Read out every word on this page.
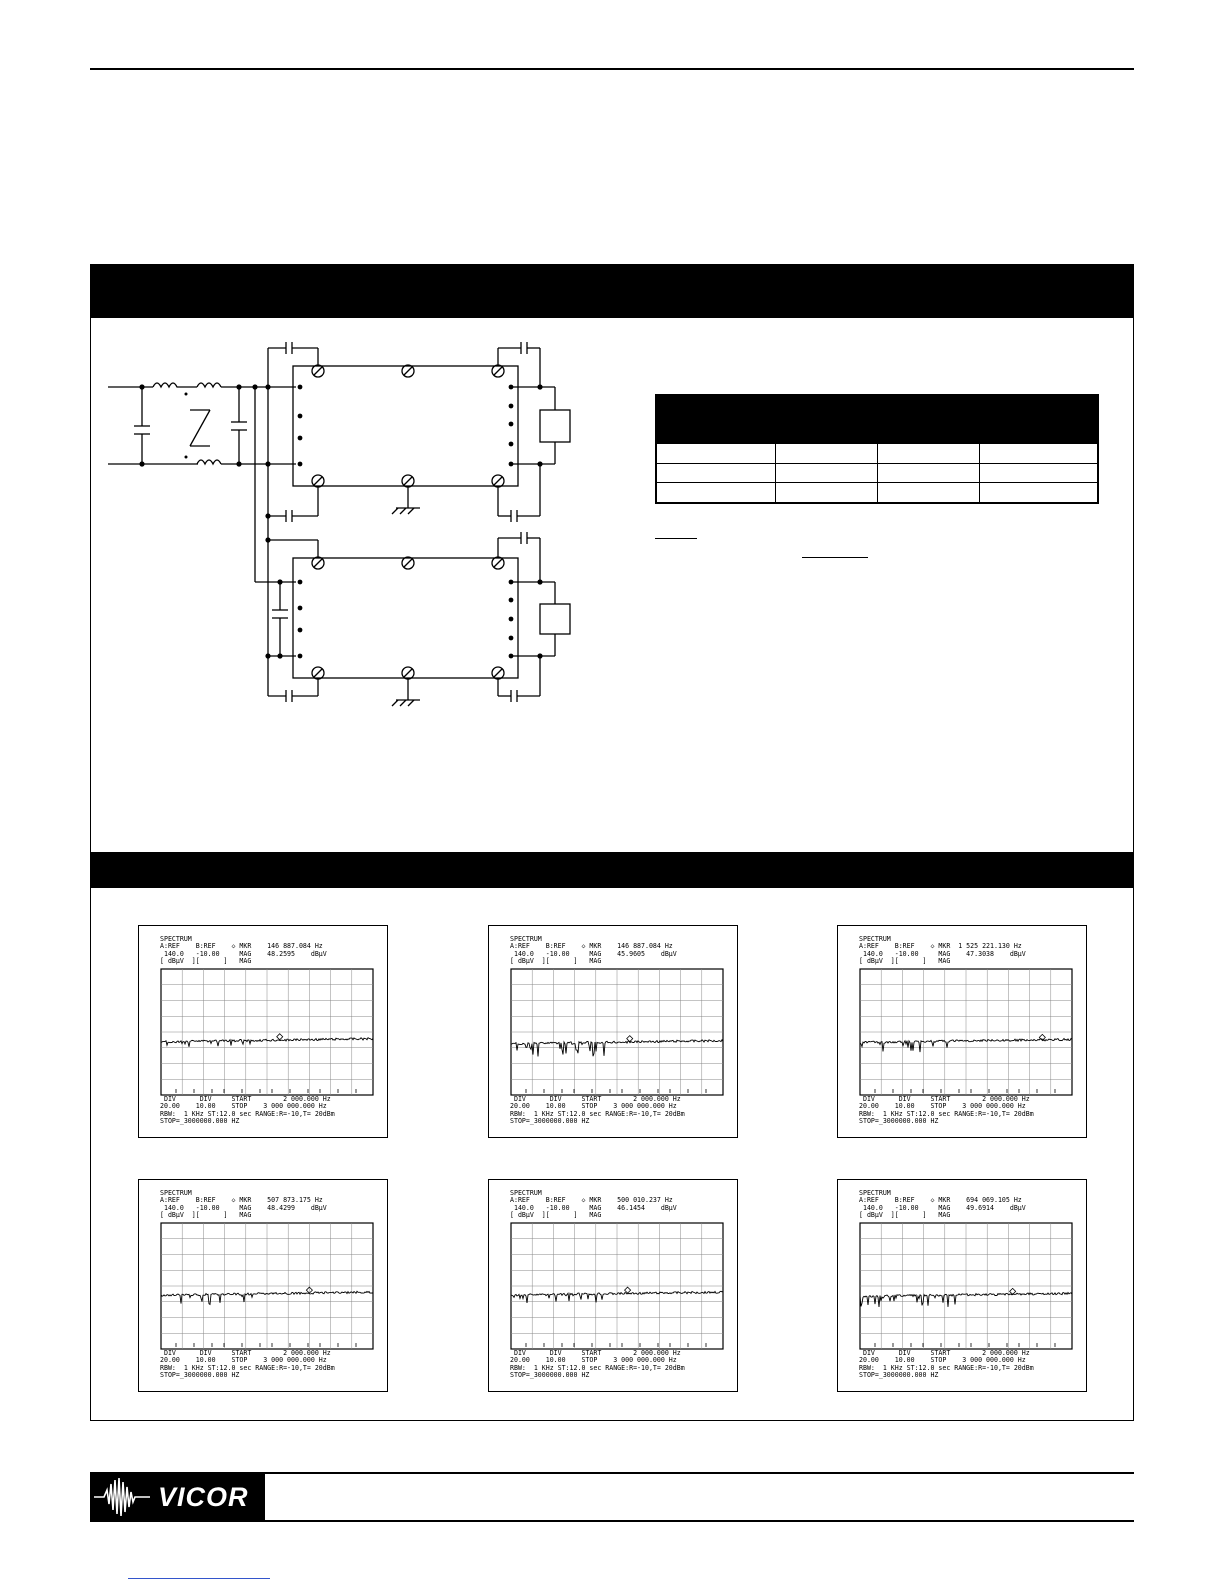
SPECTRUM
A:REF    B:REF    ◇ MKR    146 887.084 Hz
140.0   -10.00     MAG    48.2595    dBµV
[ dBµV  ][      ]   MAG
DIV      DIV     START        2 000.000 Hz
20.00    10.00    STOP    3 000 000.000 Hz
RBW:  1 KHz ST:12.0 sec RANGE:R=-10,T= 20dBm
STOP=_3000000.000 HZ
SPECTRUM
A:REF    B:REF    ◇ MKR    146 887.084 Hz
140.0   -10.00     MAG    45.9605    dBµV
[ dBµV  ][      ]   MAG
DIV      DIV     START        2 000.000 Hz
20.00    10.00    STOP    3 000 000.000 Hz
RBW:  1 KHz ST:12.0 sec RANGE:R=-10,T= 20dBm
STOP=_3000000.000 HZ
SPECTRUM
A:REF    B:REF    ◇ MKR  1 525 221.130 Hz
140.0   -10.00     MAG    47.3038    dBµV
[ dBµV  ][      ]   MAG
DIV      DIV     START        2 000.000 Hz
20.00    10.00    STOP    3 000 000.000 Hz
RBW:  1 KHz ST:12.0 sec RANGE:R=-10,T= 20dBm
STOP=_3000000.000 HZ
SPECTRUM
A:REF    B:REF    ◇ MKR    507 873.175 Hz
140.0   -10.00     MAG    48.4299    dBµV
[ dBµV  ][      ]   MAG
DIV      DIV     START        2 000.000 Hz
20.00    10.00    STOP    3 000 000.000 Hz
RBW:  1 KHz ST:12.0 sec RANGE:R=-10,T= 20dBm
STOP=_3000000.000 HZ
SPECTRUM
A:REF    B:REF    ◇ MKR    500 010.237 Hz
140.0   -10.00     MAG    46.1454    dBµV
[ dBµV  ][      ]   MAG
DIV      DIV     START        2 000.000 Hz
20.00    10.00    STOP    3 000 000.000 Hz
RBW:  1 KHz ST:12.0 sec RANGE:R=-10,T= 20dBm
STOP=_3000000.000 HZ
SPECTRUM
A:REF    B:REF    ◇ MKR    694 069.105 Hz
140.0   -10.00     MAG    49.6914    dBµV
[ dBµV  ][      ]   MAG
DIV      DIV     START        2 000.000 Hz
20.00    10.00    STOP    3 000 000.000 Hz
RBW:  1 KHz ST:12.0 sec RANGE:R=-10,T= 20dBm
STOP=_3000000.000 HZ
VICOR
